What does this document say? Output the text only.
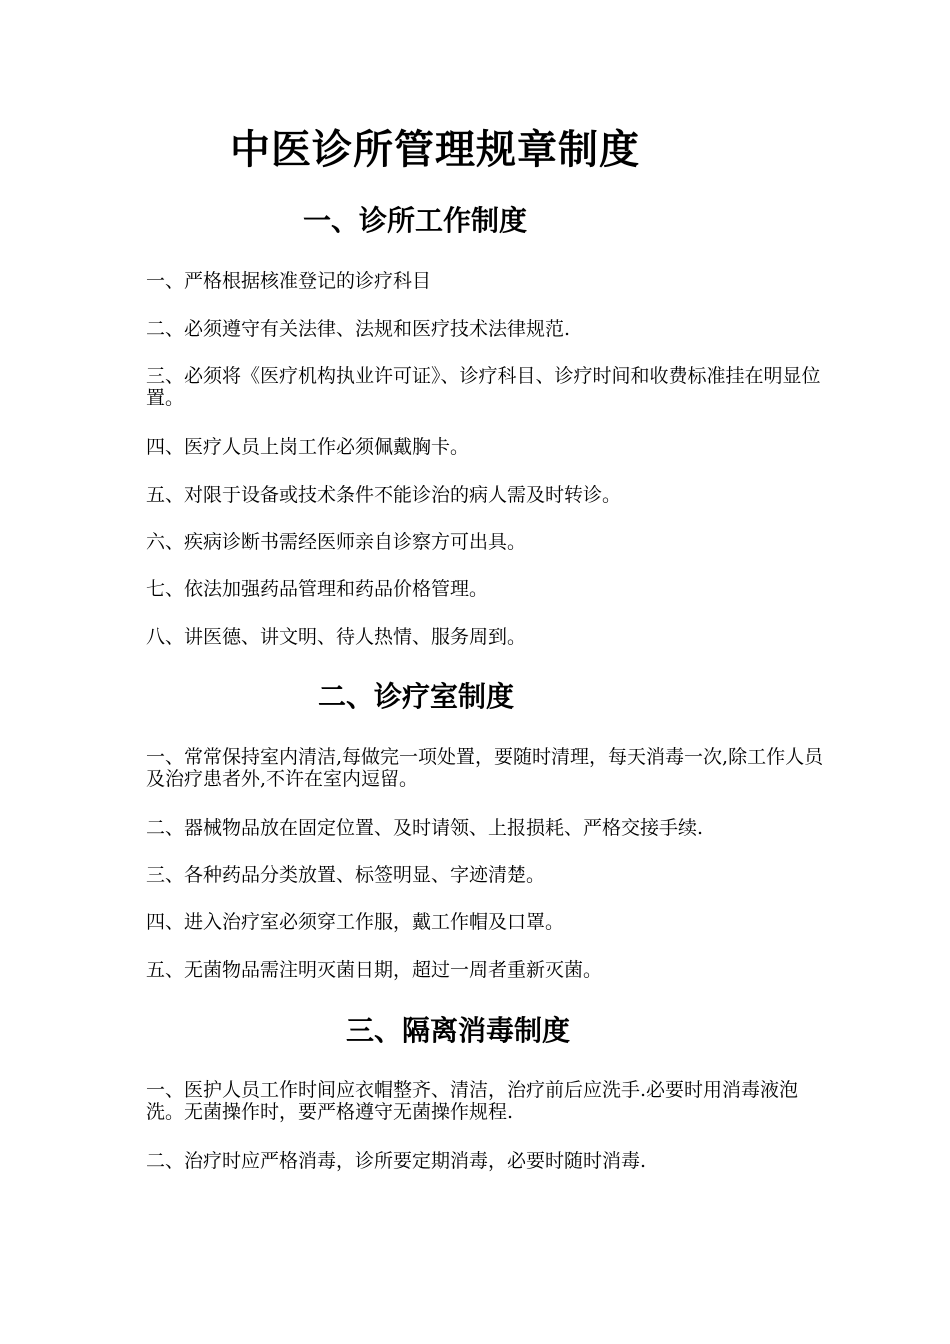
中医诊所管理规章制度
一、诊所工作制度

一、严格根据核准登记的诊疗科目

二、必须遵守有关法律、法规和医疗技术法律规范.

三、必须将《医疗机构执业许可证》、诊疗科目、诊疗时间和收费标准挂在明显位置。

四、医疗人员上岗工作必须佩戴胸卡。

五、对限于设备或技术条件不能诊治的病人需及时转诊。

六、疾病诊断书需经医师亲自诊察方可出具。

七、依法加强药品管理和药品价格管理。

八、讲医德、讲文明、待人热情、服务周到。

二、诊疗室制度

一、常常保持室内清洁,每做完一项处置，要随时清理，每天消毒一次,除工作人员及治疗患者外,不许在室内逗留。

二、器械物品放在固定位置、及时请领、上报损耗、严格交接手续.

三、各种药品分类放置、标签明显、字迹清楚。

四、进入治疗室必须穿工作服，戴工作帽及口罩。

五、无菌物品需注明灭菌日期，超过一周者重新灭菌。

三、隔离消毒制度

一、医护人员工作时间应衣帽整齐、清洁，治疗前后应洗手.必要时用消毒液泡洗。无菌操作时，要严格遵守无菌操作规程.

二、治疗时应严格消毒，诊所要定期消毒，必要时随时消毒.
